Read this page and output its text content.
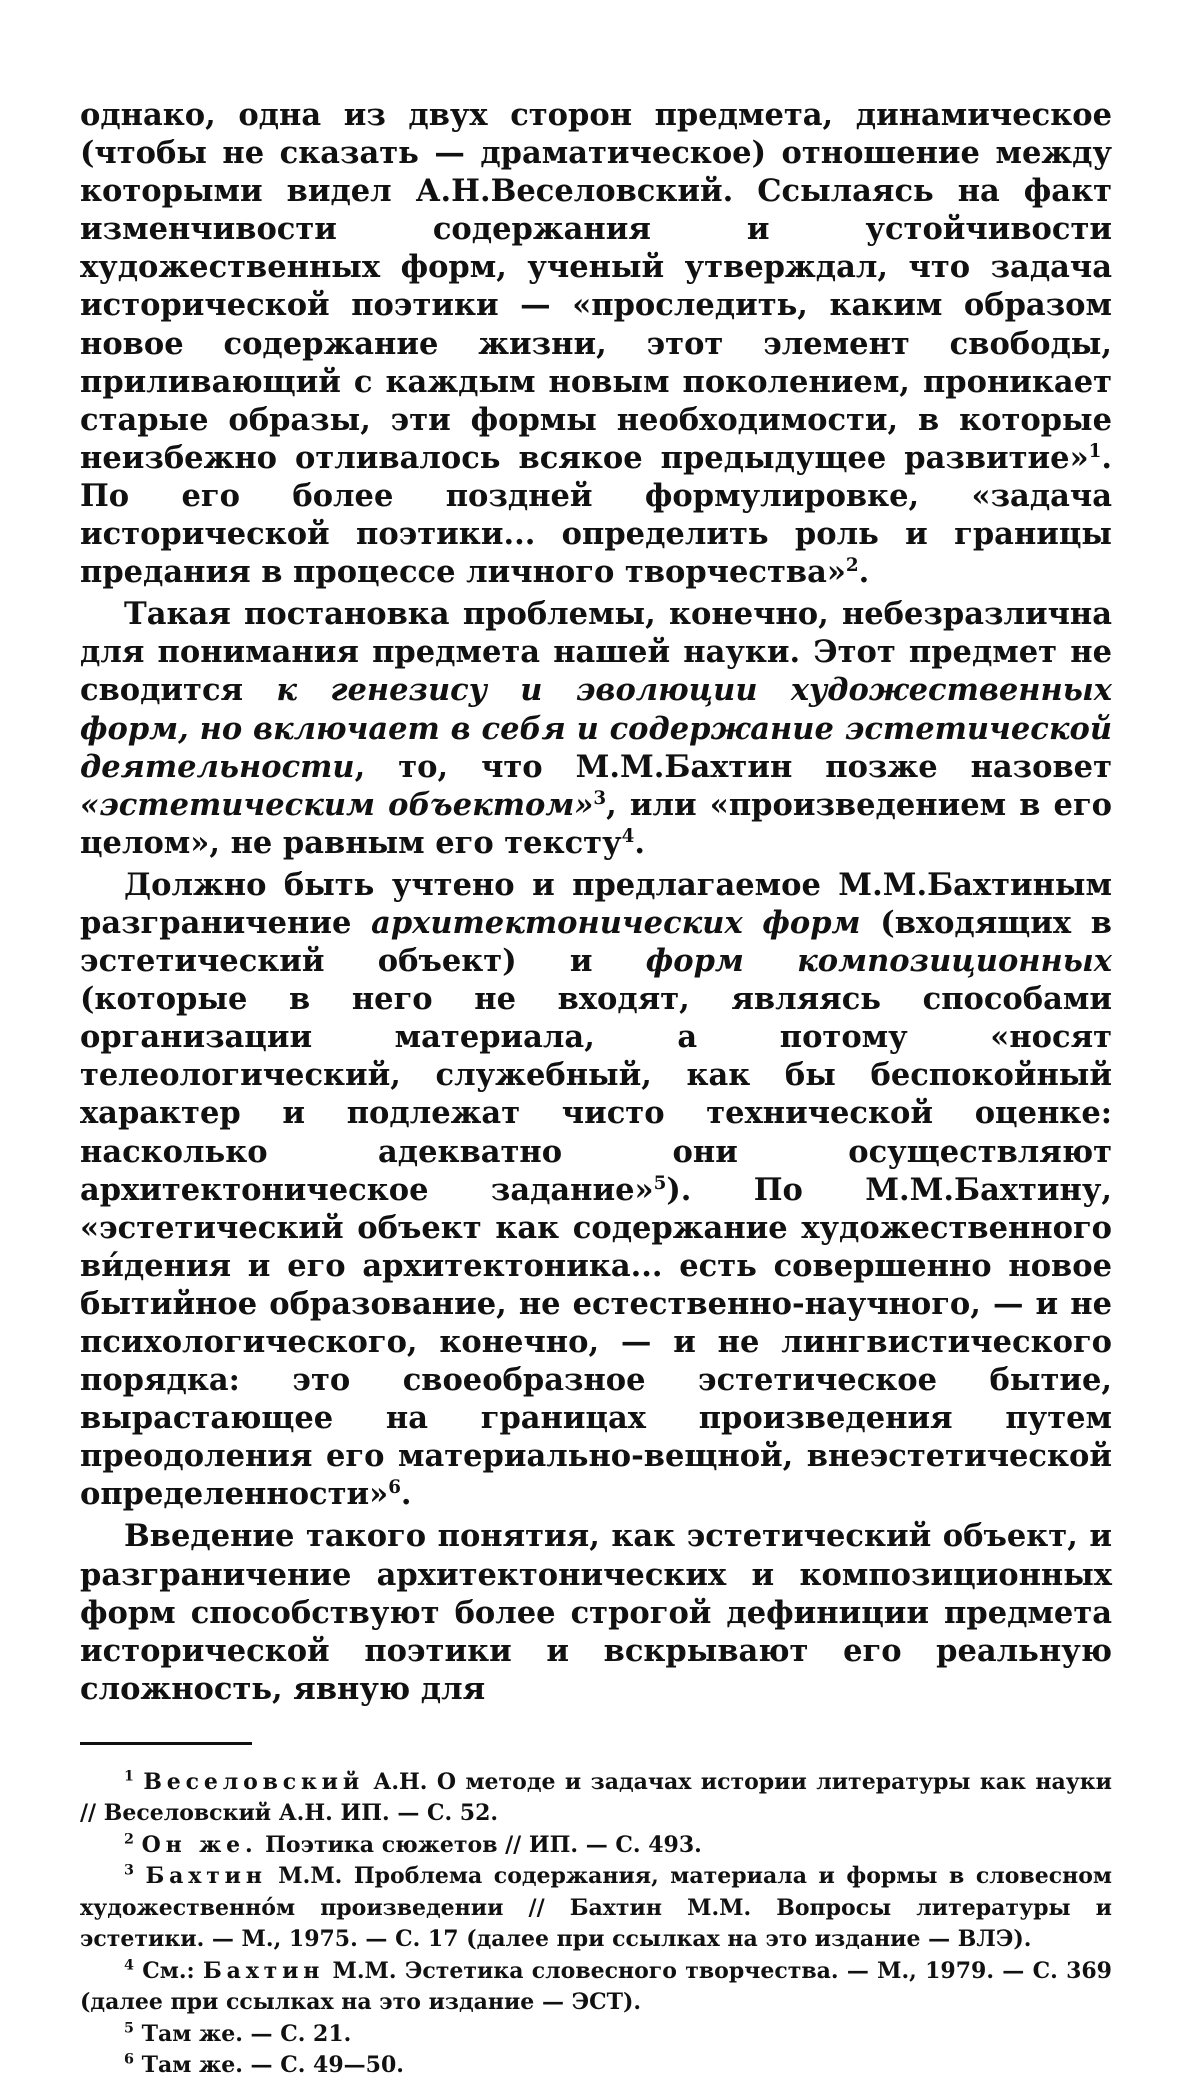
однако, одна из двух сторон предмета, динамическое (чтобы не сказать — драматическое) отношение между которыми видел А.Н.Веселовский. Ссылаясь на факт изменчивости содержания и устойчивости художественных форм, ученый утверждал, что задача исторической поэтики — «проследить, каким образом новое содержание жизни, этот элемент свободы, приливающий с каждым новым поколением, проникает старые образы, эти формы необходимости, в которые неизбежно отливалось всякое предыдущее развитие»$^1$. По его более поздней формулировке, «задача исторической поэтики... определить роль и границы предания в процессе личного творчества»$^2$.

Такая постановка проблемы, конечно, небезразлична для понимания предмета нашей науки. Этот предмет не сводится к генезису и эволюции художественных форм, но включает в себя и содержание эстетической деятельности, то, что М.М.Бахтин позже назовет «эстетическим объектом»$^3$, или «произведением в его целом», не равным его тексту$^4$.

Должно быть учтено и предлагаемое М.М.Бахтиным разграничение архитектонических форм (входящих в эстетический объект) и форм композиционных (которые в него не входят, являясь способами организации материала, а потому «носят телеологический, служебный, как бы беспокойный характер и подлежат чисто технической оценке: насколько адекватно они осуществляют архитектоническое задание»$^5$). По М.М.Бахтину, «эстетический объект как содержание художественного ви́дения и его архитектоника... есть совершенно новое бытийное образование, не естественно-научного, — и не психологического, конечно, — и не лингвистического порядка: это своеобразное эстетическое бытие, вырастающее на границах произведения путем преодоления его материально-вещной, внеэстетической определенности»$^6$.

Введение такого понятия, как эстетический объект, и разграничение архитектонических и композиционных форм способствуют более строгой дефиниции предмета исторической поэтики и вскрывают его реальную сложность, явную для

$^1$ Веселовский А.Н. О методе и задачах истории литературы как науки // Веселовский А.Н. ИП. — С. 52.

$^2$ Он же. Поэтика сюжетов // ИП. — С. 493.

$^3$ Бахтин М.М. Проблема содержания, материала и формы в словесном художественно́м произведении // Бахтин М.М. Вопросы литературы и эстетики. — М., 1975. — С. 17 (далее при ссылках на это издание — ВЛЭ).

$^4$ См.: Бахтин М.М. Эстетика словесного творчества. — М., 1979. — С. 369 (далее при ссылках на это издание — ЭСТ).

$^5$ Там же. — С. 21.

$^6$ Там же. — С. 49—50.
